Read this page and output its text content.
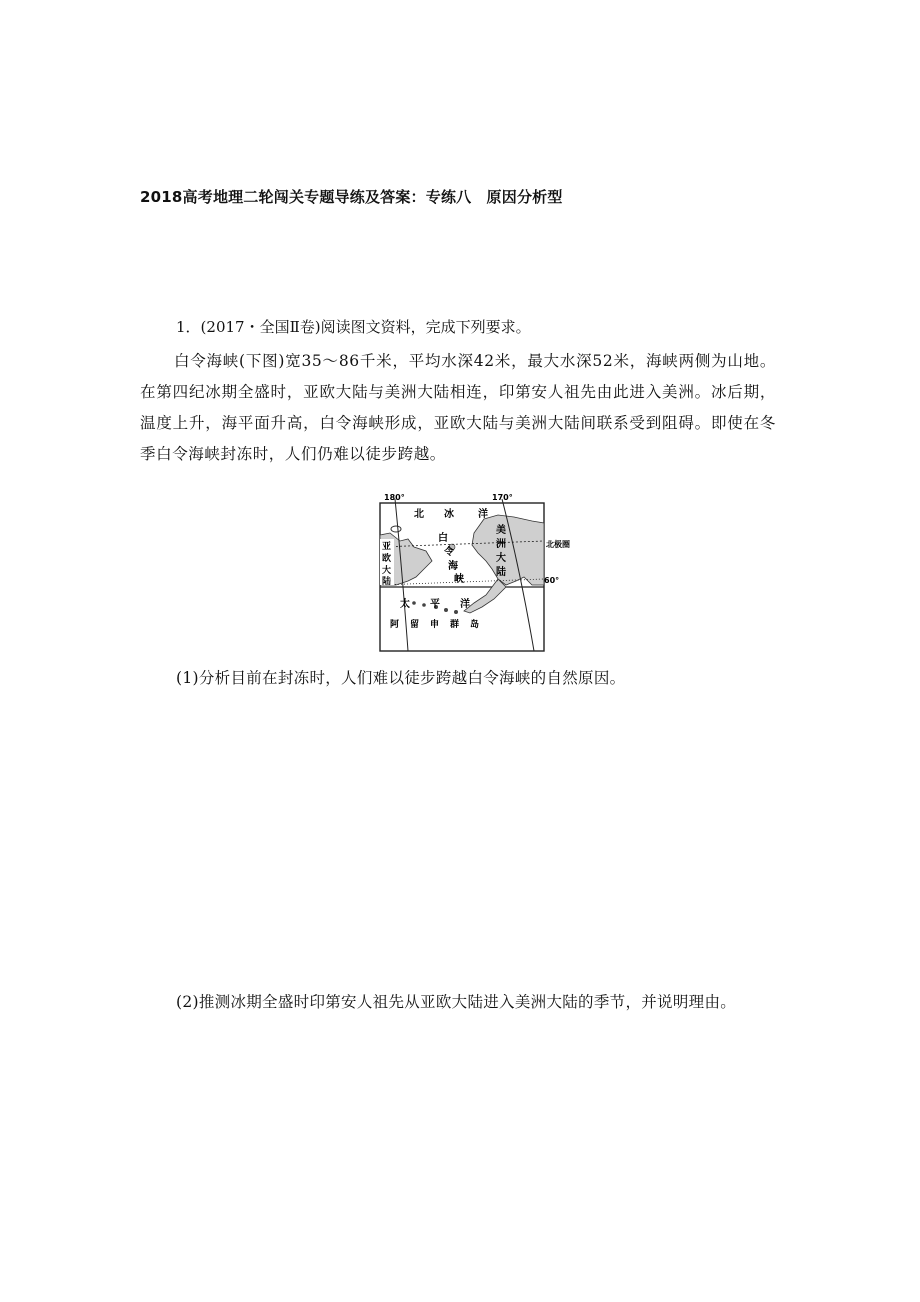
2018高考地理二轮闯关专题导练及答案：专练八　原因分析型
1．(2017・全国Ⅱ卷)阅读图文资料，完成下列要求。
白令海峡(下图)宽35～86千米，平均水深42米，最大水深52米，海峡两侧为山地。在第四纪冰期全盛时，亚欧大陆与美洲大陆相连，印第安人祖先由此进入美洲。冰后期，温度上升，海平面升高，白令海峡形成，亚欧大陆与美洲大陆间联系受到阻碍。即使在冬季白令海峡封冻时，人们仍难以徒步跨越。
180°	170°
北 冰 洋
白
令
海
峡
美
洲
大
陆
亚
欧
大
陆
北极圈
60°
太 平 洋
阿 留 申 群 岛
(1)分析目前在封冻时，人们难以徒步跨越白令海峡的自然原因。
(2)推测冰期全盛时印第安人祖先从亚欧大陆进入美洲大陆的季节，并说明理由。
